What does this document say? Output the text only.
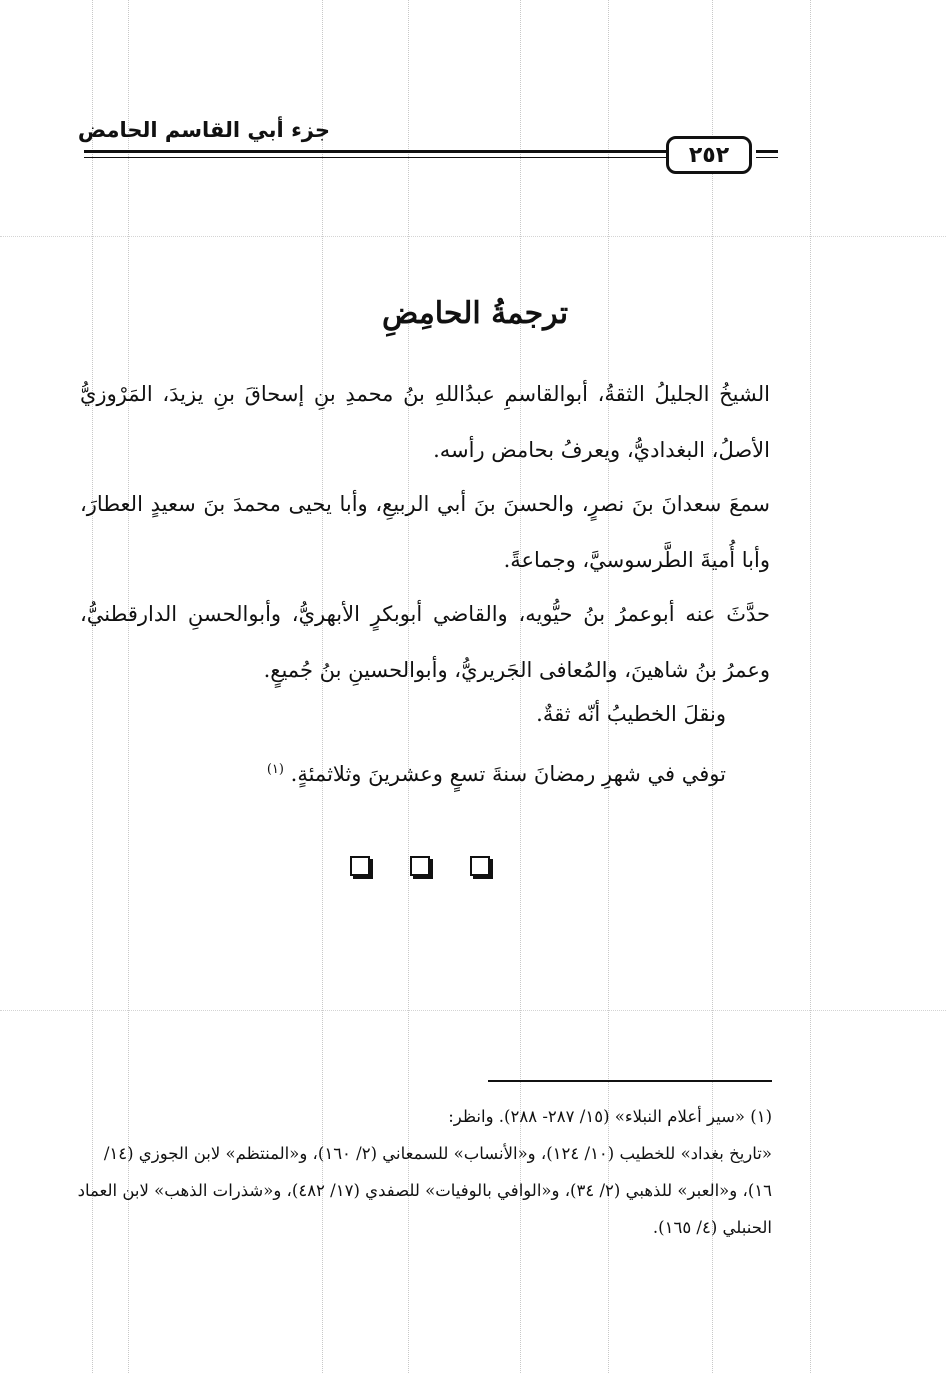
جزء أبي القاسم الحامض
٢٥٢
ترجمةُ الحامِضِ

الشيخُ الجليلُ الثقةُ، أبوالقاسمِ عبدُاللهِ بنُ محمدِ بنِ إسحاقَ بنِ يزيدَ، المَرْوزيُّ الأصلُ، البغداديُّ، ويعرفُ بحامض رأسه.

سمعَ سعدانَ بنَ نصرٍ، والحسنَ بنَ أبي الربيعِ، وأبا يحيى محمدَ بنَ سعيدٍ العطارَ، وأبا أُميةَ الطَّرسوسيَّ، وجماعةً.

حدَّثَ عنه أبوعمرُ بنُ حيُّويه، والقاضي أبوبكرٍ الأبهريُّ، وأبوالحسنِ الدارقطنيُّ، وعمرُ بنُ شاهينَ، والمُعافى الجَريريُّ، وأبوالحسينِ بنُ جُميعٍ.

ونقلَ الخطيبُ أنّه ثقةٌ.

توفي في شهرِ رمضانَ سنةَ تسعٍ وعشرينَ وثلاثمئةٍ. $^{(١)}$

(١) «سير أعلام النبلاء» (١٥/ ٢٨٧- ٢٨٨). وانظر:

«تاريخ بغداد» للخطيب (١٠/ ١٢٤)، و«الأنساب» للسمعاني (٢/ ١٦٠)، و«المنتظم» لابن الجوزي (١٤/ ١٦)، و«العبر» للذهبي (٢/ ٣٤)، و«الوافي بالوفيات» للصفدي (١٧/ ٤٨٢)، و«شذرات الذهب» لابن العماد الحنبلي (٤/ ١٦٥).
